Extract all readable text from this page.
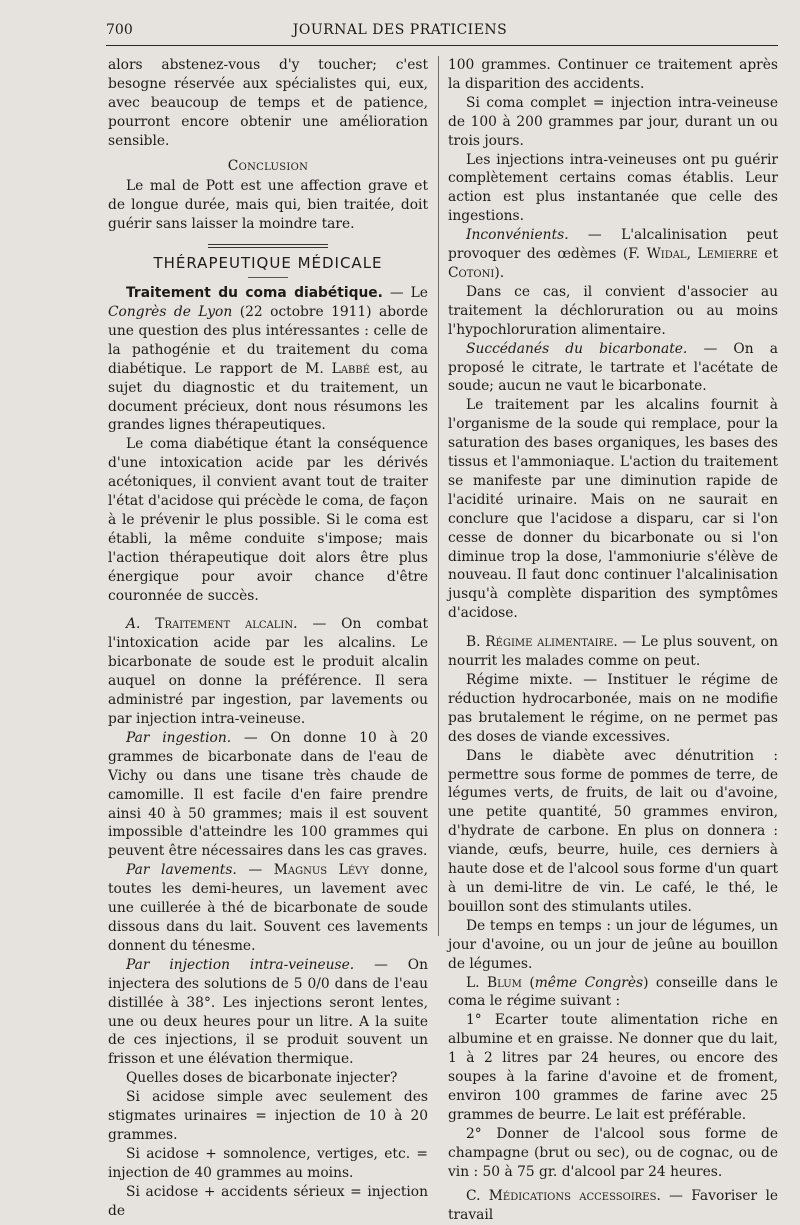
700	JOURNAL DES PRATICIENS

alors abstenez-vous d'y toucher; c'est besogne réservée aux spécialistes qui, eux, avec beaucoup de temps et de patience, pourront encore obtenir une amélioration sensible.

Conclusion

Le mal de Pott est une affection grave et de longue durée, mais qui, bien traitée, doit guérir sans laisser la moindre tare.

THÉRAPEUTIQUE MÉDICALE

Traitement du coma diabétique. — Le Congrès de Lyon (22 octobre 1911) aborde une question des plus intéressantes : celle de la pathogénie et du traitement du coma diabétique. Le rapport de M. Labbé est, au sujet du diagnostic et du traitement, un document précieux, dont nous résumons les grandes lignes thérapeutiques.

Le coma diabétique étant la conséquence d'une intoxication acide par les dérivés acétoniques, il convient avant tout de traiter l'état d'acidose qui précède le coma, de façon à le prévenir le plus possible. Si le coma est établi, la même conduite s'impose; mais l'action thérapeutique doit alors être plus énergique pour avoir chance d'être couronnée de succès.

A. Traitement alcalin. — On combat l'intoxication acide par les alcalins. Le bicarbonate de soude est le produit alcalin auquel on donne la préférence. Il sera administré par ingestion, par lavements ou par injection intra-veineuse.

Par ingestion. — On donne 10 à 20 grammes de bicarbonate dans de l'eau de Vichy ou dans une tisane très chaude de camomille. Il est facile d'en faire prendre ainsi 40 à 50 grammes; mais il est souvent impossible d'atteindre les 100 grammes qui peuvent être nécessaires dans les cas graves.

Par lavements. — Magnus Lévy donne, toutes les demi-heures, un lavement avec une cuillerée à thé de bicarbonate de soude dissous dans du lait. Souvent ces lavements donnent du ténesme.

Par injection intra-veineuse. — On injectera des solutions de 5 0/0 dans de l'eau distillée à 38°. Les injections seront lentes, une ou deux heures pour un litre. A la suite de ces injections, il se produit souvent un frisson et une élévation thermique.

Quelles doses de bicarbonate injecter?

Si acidose simple avec seulement des stigmates urinaires = injection de 10 à 20 grammes.

Si acidose + somnolence, vertiges, etc. = injection de 40 grammes au moins.

Si acidose + accidents sérieux = injection de

100 grammes. Continuer ce traitement après la disparition des accidents.

Si coma complet = injection intra-veineuse de 100 à 200 grammes par jour, durant un ou trois jours.

Les injections intra-veineuses ont pu guérir complètement certains comas établis. Leur action est plus instantanée que celle des ingestions.

Inconvénients. — L'alcalinisation peut provoquer des œdèmes (F. Widal, Lemierre et Cotoni).

Dans ce cas, il convient d'associer au traitement la déchloruration ou au moins l'hypochloruration alimentaire.

Succédanés du bicarbonate. — On a proposé le citrate, le tartrate et l'acétate de soude; aucun ne vaut le bicarbonate.

Le traitement par les alcalins fournit à l'organisme de la soude qui remplace, pour la saturation des bases organiques, les bases des tissus et l'ammoniaque. L'action du traitement se manifeste par une diminution rapide de l'acidité urinaire. Mais on ne saurait en conclure que l'acidose a disparu, car si l'on cesse de donner du bicarbonate ou si l'on diminue trop la dose, l'ammoniurie s'élève de nouveau. Il faut donc continuer l'alcalinisation jusqu'à complète disparition des symptômes d'acidose.

B. Régime alimentaire. — Le plus souvent, on nourrit les malades comme on peut.

Régime mixte. — Instituer le régime de réduction hydrocarbonée, mais on ne modifie pas brutalement le régime, on ne permet pas des doses de viande excessives.

Dans le diabète avec dénutrition : permettre sous forme de pommes de terre, de légumes verts, de fruits, de lait ou d'avoine, une petite quantité, 50 grammes environ, d'hydrate de carbone. En plus on donnera : viande, œufs, beurre, huile, ces derniers à haute dose et de l'alcool sous forme d'un quart à un demi-litre de vin. Le café, le thé, le bouillon sont des stimulants utiles.

De temps en temps : un jour de légumes, un jour d'avoine, ou un jour de jeûne au bouillon de légumes.

L. Blum (même Congrès) conseille dans le coma le régime suivant :

1° Ecarter toute alimentation riche en albumine et en graisse. Ne donner que du lait, 1 à 2 litres par 24 heures, ou encore des soupes à la farine d'avoine et de froment, environ 100 grammes de farine avec 25 grammes de beurre. Le lait est préférable.

2° Donner de l'alcool sous forme de champagne (brut ou sec), ou de cognac, ou de vin : 50 à 75 gr. d'alcool par 24 heures.

C. Médications accessoires. — Favoriser le travail
